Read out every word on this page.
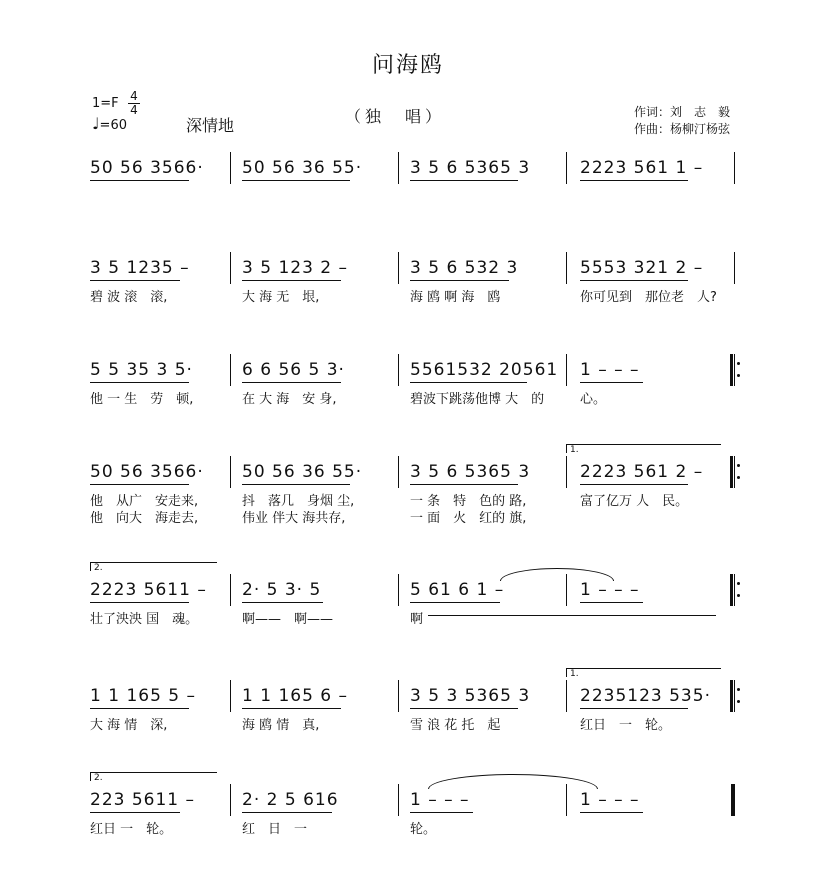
问海鸥
1=F 4
4
♩=60	深情地	（独　唱）	作词：刘　志　毅
作曲：杨柳汀杨弦
50 56 3566· 50 56 36 55·	3 5 6 5365 3	2223 561 1 –
3 5 1235 –
碧 波 滚　滚,
3 5 123 2 –
大 海 无　垠,
3 5 6 532 3
海 鸥 啊 海　鸥
5553 321 2 –
你可见到　那位老　人?
5 5 35 3 5·
他 一 生　劳　顿,
6 6 56 5 3·
在 大 海　安 身,
5561532 20561
碧波下跳荡他博 大　的
1 – – –
心。
50 56 3566·
他　从广　安走来,
他　向大　海走去,
50 56 36 55·
抖　落几　身烟 尘,
伟业 伴大 海共存,
3 5 6 5365 3
一 条　特　色的 路,
一 面　火　红的 旗,
2223 561 2 –
富了亿万 人　民。
1.
2223 5611 –
壮了泱泱 国　魂。
2· 5 3· 5
啊——　啊——
5 61 6 1 –
啊
1 – – –
2.
1 1 165 5 –
大 海 情　深,
1 1 165 6 –
海 鸥 情　真,
3 5 3 5365 3
雪 浪 花 托　起
2235123 535·
红日　一　轮。
1.
223 5611 –
红日 一　轮。
2· 2 5 616
红　日　一
1 – – –
轮。
1 – – –
2.
